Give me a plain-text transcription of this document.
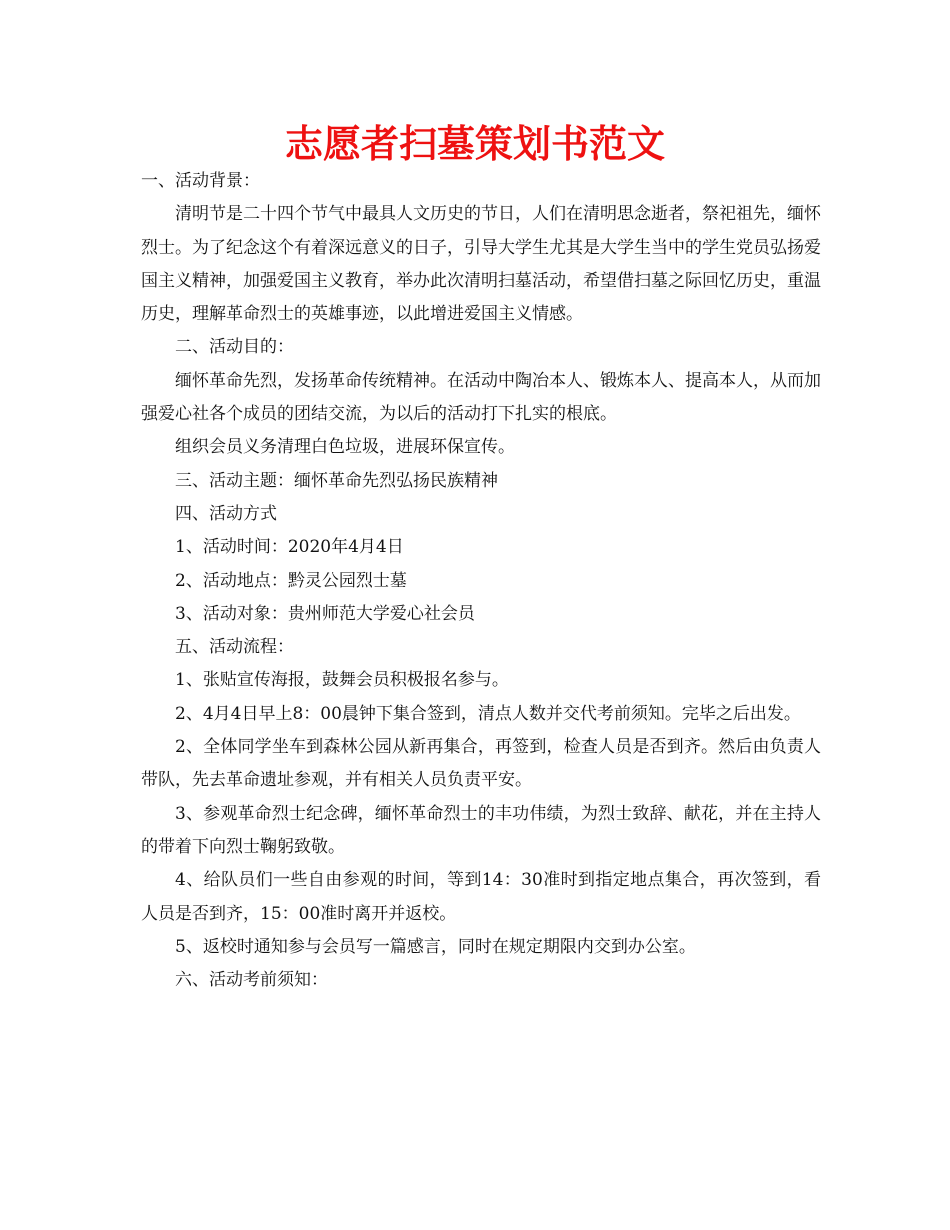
志愿者扫墓策划书范文

一、活动背景：

清明节是二十四个节气中最具人文历史的节日，人们在清明思念逝者，祭祀祖先，缅怀烈士。为了纪念这个有着深远意义的日子，引导大学生尤其是大学生当中的学生党员弘扬爱国主义精神，加强爱国主义教育，举办此次清明扫墓活动，希望借扫墓之际回忆历史，重温历史，理解革命烈士的英雄事迹，以此增进爱国主义情感。

二、活动目的：

缅怀革命先烈，发扬革命传统精神。在活动中陶冶本人、锻炼本人、提高本人，从而加强爱心社各个成员的团结交流，为以后的活动打下扎实的根底。

组织会员义务清理白色垃圾，进展环保宣传。

三、活动主题：缅怀革命先烈弘扬民族精神

四、活动方式

1、活动时间：2020年4月4日

2、活动地点：黔灵公园烈士墓

3、活动对象：贵州师范大学爱心社会员

五、活动流程：

1、张贴宣传海报，鼓舞会员积极报名参与。

2、4月4日早上8：00晨钟下集合签到，清点人数并交代考前须知。完毕之后出发。

2、全体同学坐车到森林公园从新再集合，再签到，检查人员是否到齐。然后由负责人带队，先去革命遗址参观，并有相关人员负责平安。

3、参观革命烈士纪念碑，缅怀革命烈士的丰功伟绩，为烈士致辞、献花，并在主持人的带着下向烈士鞠躬致敬。

4、给队员们一些自由参观的时间，等到14：30准时到指定地点集合，再次签到，看人员是否到齐，15：00准时离开并返校。

5、返校时通知参与会员写一篇感言，同时在规定期限内交到办公室。

六、活动考前须知：
